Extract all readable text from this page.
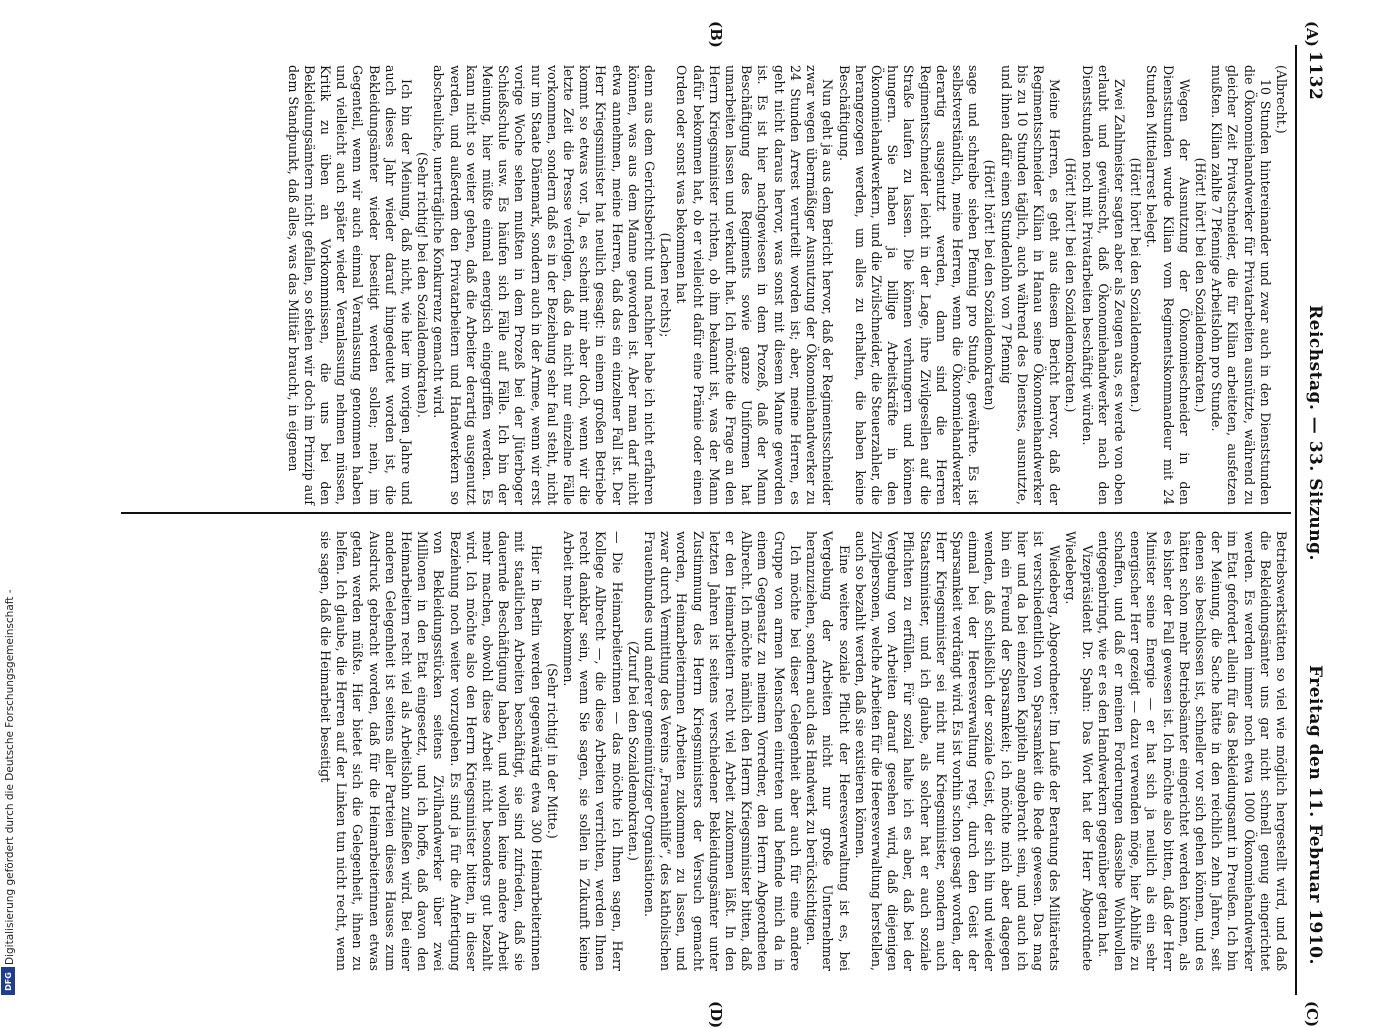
1132
Reichstag. — 33. Sitzung.
Freitag den 11. Februar 1910.
(A)
(B)
(C)
(D)

(Albrecht.)

10 Stunden hintereinander und zwar auch in den Dienststunden die Ökonomiehandwerker für Privatarbeiten ausnützte, während zu gleicher Zeit Privatschneider, die für Kilian arbeiteten, ausfetzen mußten. Kilian zahlte 7 Pfennige Arbeitslohn pro Stunde.

(Hört! hört! bei den Sozialdemokraten.)

Wegen der Ausnutzung der Ökonomieschneider in den Dienststunden wurde Kilian vom Regimentskommandeur mit 24 Stunden Mittelarrest belegt.

(Hört! hört! bei den Sozialdemokraten.)

Zwei Zahlmeister sagten aber als Zeugen aus, es werde von oben erlaubt und gewünscht, daß Ökonomiehandwerker nach den Dienststunden noch mit Privatarbeiten beschäftigt würden.

(Hört! hört! bei den Sozialdemokraten.)

Meine Herren, es geht aus diesem Bericht hervor, daß der Regimentsschneider Kilian in Hanau seine Ökonomiehandwerker bis zu 10 Stunden täglich, auch während des Dienstes, ausnutzte, und ihnen dafür einen Stundenlohn von 7 Pfennig

(Hört! hört! bei den Sozialdemokraten)

sage und schreibe sieben Pfennig pro Stunde, gewährte. Es ist selbstverständlich, meine Herren, wenn die Ökonomiehandwerker derartig ausgenutzt werden, dann sind die Herren Regimentsschneider leicht in der Lage, ihre Zivilgesellen auf die Straße laufen zu lassen. Die können verhungern und können hungern. Sie haben ja billige Arbeitskräfte in den Ökonomiehandwerkern, und die Zivilschneider, die Steuerzahler, die herangezogen werden, um alles zu erhalten, die haben keine Beschäftigung.

Nun geht ja aus dem Bericht hervor, daß der Regimentsschneider zwar wegen übermäßiger Ausnutzung der Ökonomiehandwerker zu 24 Stunden Arrest verurteilt worden ist; aber, meine Herren, es geht nicht daraus hervor, was sonst mit diesem Manne geworden ist. Es ist hier nachgewiesen in dem Prozeß, daß der Mann Beschäftigung des Regiments sowie ganze Uniformen hat umarbeiten lassen und verkauft hat. Ich möchte die Frage an den Herrn Kriegsminister richten, ob ihm bekannt ist, was der Mann dafür bekommen hat, ob er vielleicht dafür eine Prämie oder einen Orden oder sonst was bekommen hat

(Lachen rechts);

denn aus dem Gerichtsbericht und nachher habe ich nicht erfahren können, was aus dem Manne geworden ist. Aber man darf nicht etwa annehmen, meine Herren, daß das ein einzelner Fall ist. Der Herr Kriegsminister hat neulich gesagt: in einem großen Betriebe kommt so etwas vor. Ja, es scheint mir aber doch, wenn wir die letzte Zeit die Presse verfolgen, daß da nicht nur einzelne Fälle vorkommen, sondern daß es in der Beziehung sehr faul steht, nicht nur im Staate Dänemark, sondern auch in der Armee, wenn wir erst vorige Woche sehen mußten in dem Prozeß bei der Jüterboger Schießschule usw. Es häufen sich Fälle auf Fälle. Ich bin der Meinung, hier müßte einmal energisch eingegriffen werden. Es kann nicht so weiter gehen, daß die Arbeiter derartig ausgenutzt werden, und außerdem den Privatarbeitern und Handwerkern so abscheuliche, unerträgliche Konkurrenz gemacht wird.

(Sehr richtig! bei den Sozialdemokraten).

Ich bin der Meinung, daß nicht, wie hier im vorigen Jahre und auch dieses Jahr wieder darauf hingedeutet worden ist, die Bekleidungsämter wieder beseitigt werden sollen; nein, im Gegenteil, wenn wir auch einmal Veranlassung genommen haben und vielleicht auch später wieder Veranlassung nehmen müssen, Kritik zu üben an Vorkommnissen, die uns bei den Bekleidungsämtern nicht gefallen, so stehen wir doch im Prinzip auf dem Standpunkt, daß alles, was das Militär braucht, in eigenen

Betriebswerkstätten so viel wie möglich hergestellt wird, und daß die Bekleidungsämter uns gar nicht schnell genug eingerichtet werden. Es werden immer noch etwa 1000 Ökonomiehandwerker im Etat gefordert allein für das Bekleidungsamt in Preußen. Ich bin der Meinung, die Sache hätte in den reichlich zehn Jahren, seit denen sie beschlossen ist, schneller vor sich gehen können, und es hätten schon mehr Betriebsämter eingerichtet werden können, als es bisher der Fall gewesen ist. Ich möchte also bitten, daß der Herr Minister seine Energie — er hat sich ja neulich als ein sehr energischer Herr gezeigt — dazu verwenden möge, hier Abhilfe zu schaffen, und daß er meinen Forderungen dasselbe Wohlwollen entgegenbringt, wie er es den Handwerkern gegenüber getan hat.

Vizepräsident Dr. Spahn: Das Wort hat der Herr Abgeordnete Wiedeberg.

Wiedeberg, Abgeordneter: Im Laufe der Beratung des Militäretats ist verschiedentlich von Sparsamkeit die Rede gewesen. Das mag hier und da bei einzelnen Kapiteln angebracht sein, und auch ich bin ein Freund der Sparsamkeit; ich möchte mich aber dagegen wenden, daß schließlich der soziale Geist, der sich hin und wieder einmal bei der Heeresverwaltung regt, durch den Geist der Sparsamkeit verdrängt wird. Es ist vorhin schon gesagt worden, der Herr Kriegsminister sei nicht nur Kriegsminister, sondern auch Staatsminister, und ich glaube, als solcher hat er auch soziale Pflichten zu erfüllen. Für sozial halte ich es aber, daß bei der Vergebung von Arbeiten darauf gesehen wird, daß diejenigen Zivilpersonen, welche Arbeiten für die Heeresverwaltung herstellen, auch so bezahlt werden, daß sie existieren können.

Eine weitere soziale Pflicht der Heeresverwaltung ist es, bei Vergebung der Arbeiten nicht nur große Unternehmer heranzuziehen, sondern auch das Handwerk zu berücksichtigen.

Ich möchte bei dieser Gelegenheit aber auch für eine andere Gruppe von armen Menschen eintreten und befinde mich da in einem Gegensatz zu meinem Vorredner, den Herrn Abgeordneten Albrecht. Ich möchte nämlich den Herrn Kriegsminister bitten, daß er den Heimarbeitern recht viel Arbeit zukommen läßt. In den letzten Jahren ist seitens verschiedener Bekleidungsämter unter Zustimmung des Herrn Kriegsministers der Versuch gemacht worden, Heimarbeiterinnen Arbeiten zukommen zu lassen, und zwar durch Vermittlung des Vereins „Frauenhilfe“, des katholischen Frauenbundes und anderer gemeinnütziger Organisationen.

(Zuruf bei den Sozialdemokraten.)

— Die Heimarbeiterinnen — das möchte ich Ihnen sagen, Herr Kollege Albrecht —, die diese Arbeiten verrichten, werden Ihnen recht dankbar sein, wenn Sie sagen, sie sollen in Zukunft keine Arbeit mehr bekommen.

(Sehr richtig! in der Mitte.)

Hier in Berlin werden gegenwärtig etwa 300 Heimarbeiterinnen mit staatlichen Arbeiten beschäftigt, sie sind zufrieden, daß sie dauernde Beschäftigung haben, und wollen keine andere Arbeit mehr machen, obwohl diese Arbeit nicht besonders gut bezahlt wird. Ich möchte also den Herrn Kriegsminister bitten, in dieser Beziehung noch weiter vorzugehen. Es sind ja für die Anfertigung von Bekleidungsstücken seitens Zivilhandwerker über zwei Millionen in den Etat eingesetzt, und ich hoffe, daß davon den Heimarbeitern recht viel als Arbeitslohn zufließen wird. Bei einer anderen Gelegenheit ist seitens aller Parteien dieses Hauses zum Ausdruck gebracht worden, daß für die Heimarbeiterinnen etwas getan werden müßte. Hier bietet sich die Gelegenheit, ihnen zu helfen. Ich glaube, die Herren auf der Linken tun nicht recht, wenn sie sagen, daß die Heimarbeit beseitigt

Digitalisierung gefördert durch die Deutsche Forschungsgemeinschaft -
DFG
